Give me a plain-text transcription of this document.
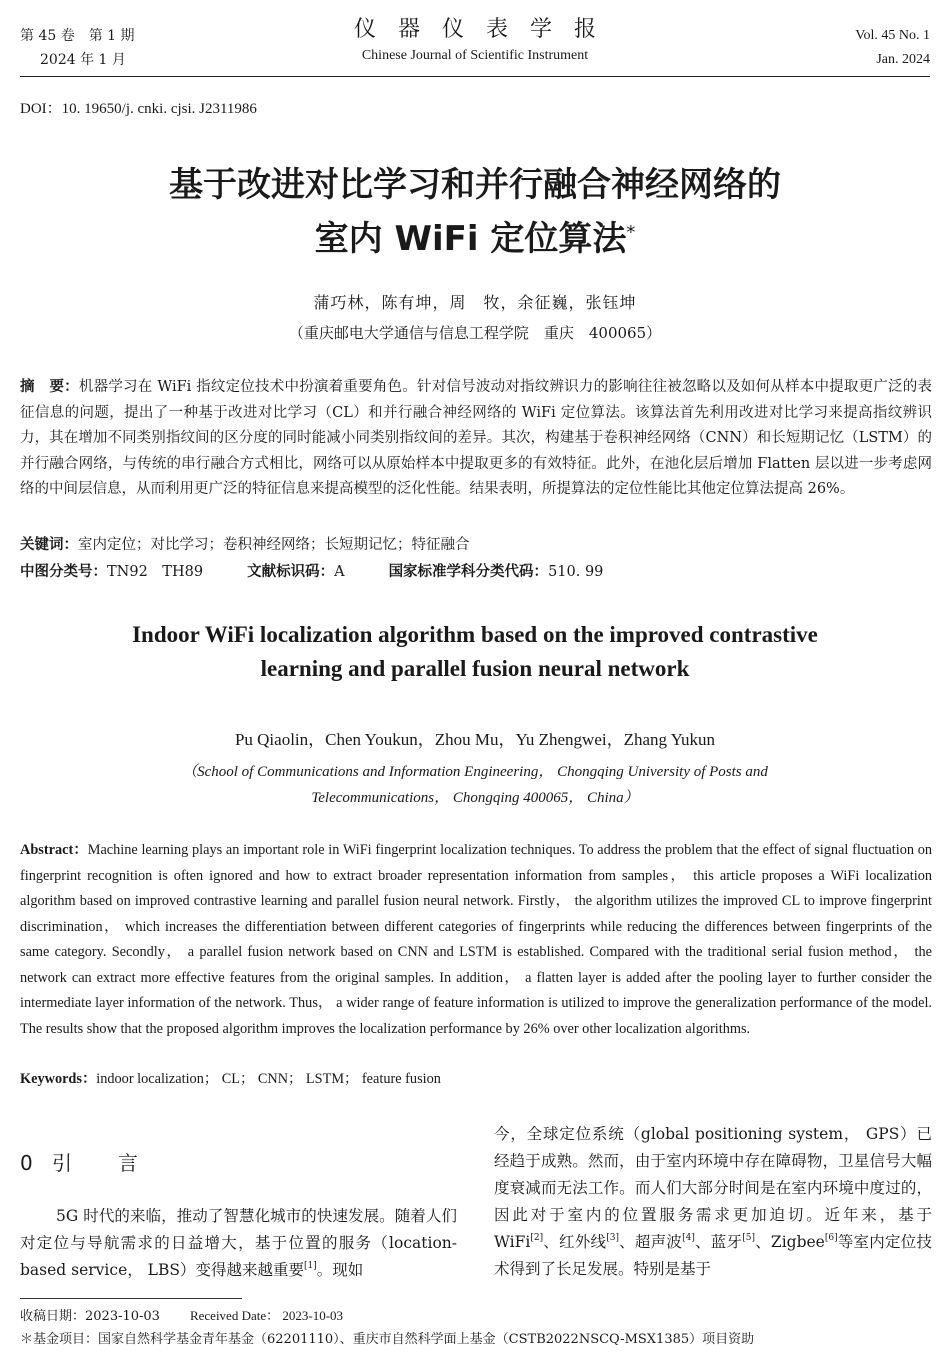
第 45 卷　第 1 期
2024 年 1 月
仪器仪表学报
Chinese Journal of Scientific Instrument
Vol. 45 No. 1
Jan. 2024
DOI：10. 19650/j. cnki. cjsi. J2311986
基于改进对比学习和并行融合神经网络的
室内 WiFi 定位算法*
蒲巧林，陈有坤，周　牧，余征巍，张钰坤
（重庆邮电大学通信与信息工程学院　重庆　400065）
摘　要：机器学习在 WiFi 指纹定位技术中扮演着重要角色。针对信号波动对指纹辨识力的影响往往被忽略以及如何从样本中提取更广泛的表征信息的问题，提出了一种基于改进对比学习（CL）和并行融合神经网络的 WiFi 定位算法。该算法首先利用改进对比学习来提高指纹辨识力，其在增加不同类别指纹间的区分度的同时能减小同类别指纹间的差异。其次，构建基于卷积神经网络（CNN）和长短期记忆（LSTM）的并行融合网络，与传统的串行融合方式相比，网络可以从原始样本中提取更多的有效特征。此外，在池化层后增加 Flatten 层以进一步考虑网络的中间层信息，从而利用更广泛的特征信息来提高模型的泛化性能。结果表明，所提算法的定位性能比其他定位算法提高 26%。
关键词：室内定位；对比学习；卷积神经网络；长短期记忆；特征融合
中图分类号：TN92　TH89	文献标识码：A	国家标准学科分类代码：510. 99
Indoor WiFi localization algorithm based on the improved contrastive
learning and parallel fusion neural network
Pu Qiaolin，Chen Youkun，Zhou Mu，Yu Zhengwei，Zhang Yukun
（School of Communications and Information Engineering， Chongqing University of Posts and
Telecommunications， Chongqing 400065， China）
Abstract：Machine learning plays an important role in WiFi fingerprint localization techniques. To address the problem that the effect of signal fluctuation on fingerprint recognition is often ignored and how to extract broader representation information from samples， this article proposes a WiFi localization algorithm based on improved contrastive learning and parallel fusion neural network. Firstly， the algorithm utilizes the improved CL to improve fingerprint discrimination， which increases the differentiation between different categories of fingerprints while reducing the differences between fingerprints of the same category. Secondly， a parallel fusion network based on CNN and LSTM is established. Compared with the traditional serial fusion method， the network can extract more effective features from the original samples. In addition， a flatten layer is added after the pooling layer to further consider the intermediate layer information of the network. Thus， a wider range of feature information is utilized to improve the generalization performance of the model. The results show that the proposed algorithm improves the localization performance by 26% over other localization algorithms.
Keywords：indoor localization； CL； CNN； LSTM； feature fusion
0 引 言
5G 时代的来临，推动了智慧化城市的快速发展。随着人们对定位与导航需求的日益增大，基于位置的服务（location-based service， LBS）变得越来越重要[1]。现如
今，全球定位系统（global positioning system， GPS）已经趋于成熟。然而，由于室内环境中存在障碍物，卫星信号大幅度衰减而无法工作。而人们大部分时间是在室内环境中度过的，因此对于室内的位置服务需求更加迫切。近年来，基于 WiFi[2]、红外线[3]、超声波[4]、蓝牙[5]、Zigbee[6]等室内定位技术得到了长足发展。特别是基于
收稿日期：2023-10-03 Received Date： 2023-10-03
＊基金项目：国家自然科学基金青年基金（62201110）、重庆市自然科学面上基金（CSTB2022NSCQ-MSX1385）项目资助
